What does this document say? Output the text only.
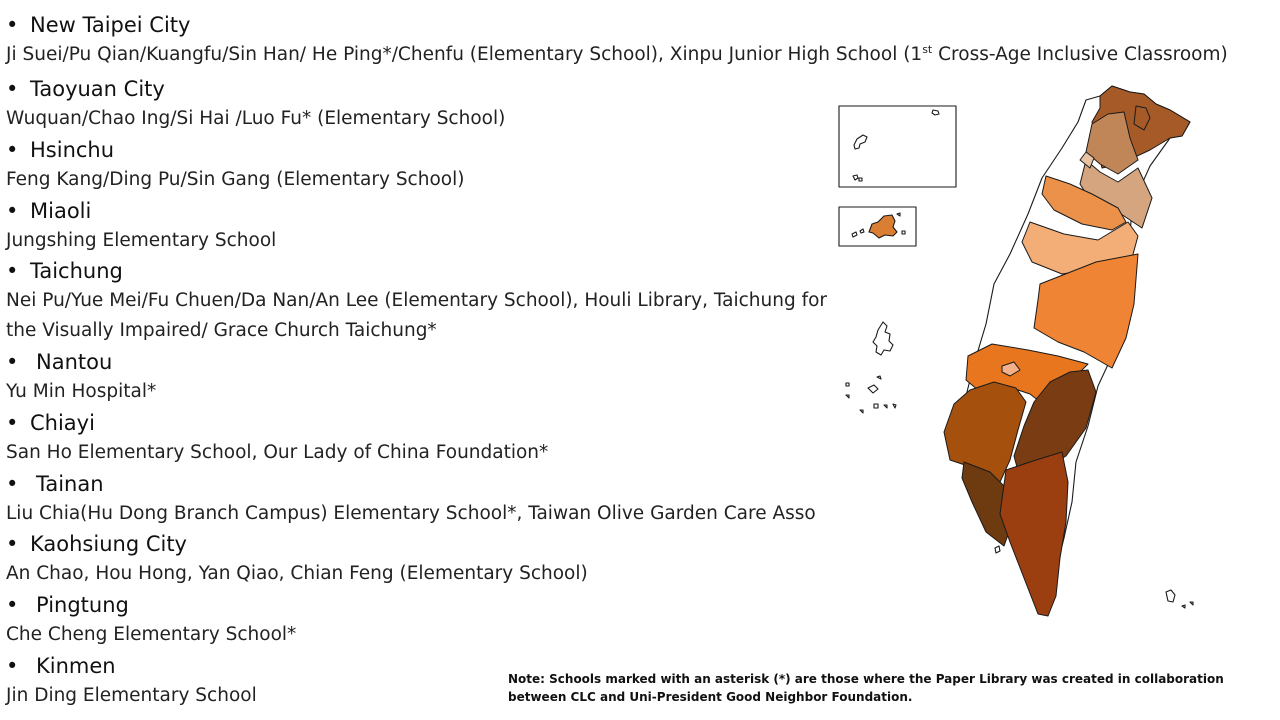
• New Taipei City
Ji Suei/Pu Qian/Kuangfu/Sin Han/ He Ping*/Chenfu (Elementary School), Xinpu Junior High School (1st Cross-Age Inclusive Classroom)
• Taoyuan City
Wuquan/Chao Ing/Si Hai /Luo Fu* (Elementary School)
• Hsinchu
Feng Kang/Ding Pu/Sin Gang (Elementary School)
• Miaoli
Jungshing Elementary School
• Taichung
Nei Pu/Yue Mei/Fu Chuen/Da Nan/An Lee (Elementary School), Houli Library, Taichung for the Visually Impaired/ Grace Church Taichung*
• Nantou
Yu Min Hospital*
• Chiayi
San Ho Elementary School, Our Lady of China Foundation*
• Tainan
Liu Chia(Hu Dong Branch Campus) Elementary School*, Taiwan Olive Garden Care Asso
• Kaohsiung City
An Chao, Hou Hong, Yan Qiao, Chian Feng (Elementary School)
• Pingtung
Che Cheng Elementary School*
• Kinmen
Jin Ding Elementary School
Note: Schools marked with an asterisk (*) are those where the Paper Library was created in collaboration between CLC and Uni-President Good Neighbor Foundation.
